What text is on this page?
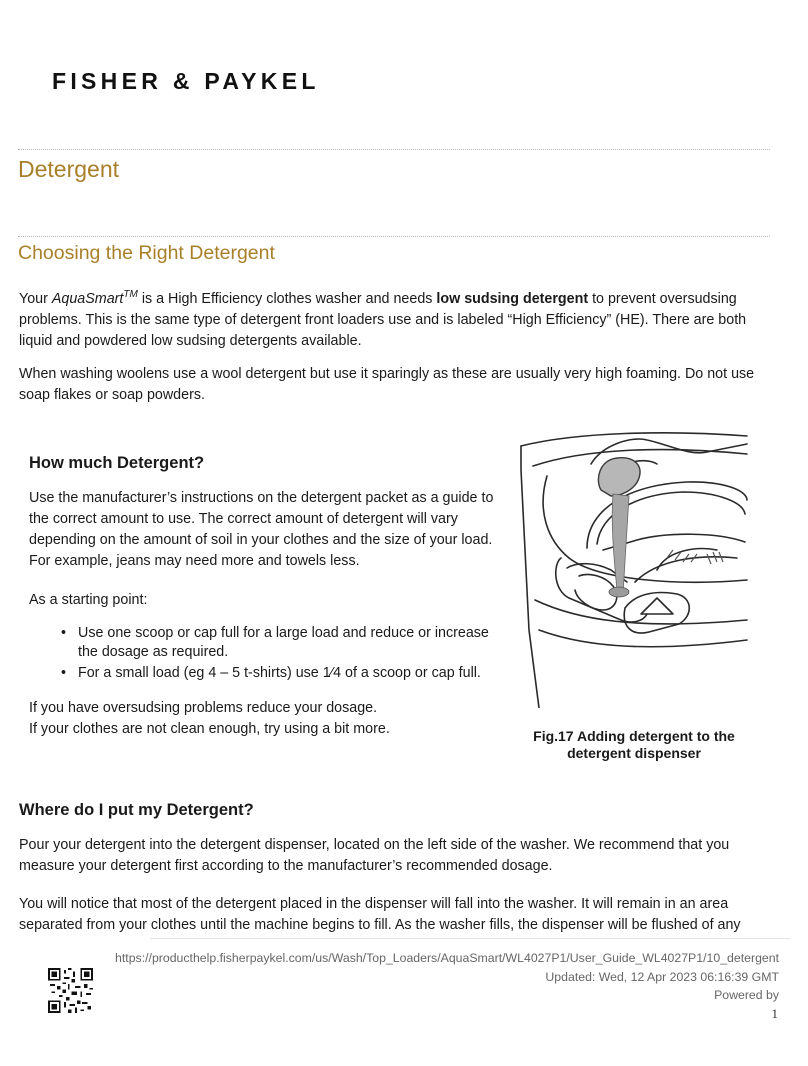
FISHER & PAYKEL
Detergent
Choosing the Right Detergent

Your AquaSmart™ is a High Efficiency clothes washer and needs low sudsing detergent to prevent oversudsing problems. This is the same type of detergent front loaders use and is labeled “High Efficiency” (HE). There are both liquid and powdered low sudsing detergents available.

When washing woolens use a wool detergent but use it sparingly as these are usually very high foaming. Do not use soap flakes or soap powders.

How much Detergent?

Use the manufacturer’s instructions on the detergent packet as a guide to the correct amount to use. The correct amount of detergent will vary depending on the amount of soil in your clothes and the size of your load. For example, jeans may need more and towels less.

As a starting point:

• Use one scoop or cap full for a large load and reduce or increase the dosage as required.
• For a small load (eg 4 – 5 t-shirts) use 1⁄4 of a scoop or cap full.

If you have oversudsing problems reduce your dosage.

If your clothes are not clean enough, try using a bit more.	Fig.17 Adding detergent to the detergent dispenser
Where do I put my Detergent?

Pour your detergent into the detergent dispenser, located on the left side of the washer. We recommend that you measure your detergent first according to the manufacturer’s recommended dosage.

You will notice that most of the detergent placed in the dispenser will fall into the washer. It will remain in an area separated from your clothes until the machine begins to fill. As the washer fills, the dispenser will be flushed of any

https://producthelp.fisherpaykel.com/us/Wash/Top_Loaders/AquaSmart/WL4027P1/User_Guide_WL4027P1/10_detergent
Updated: Wed, 12 Apr 2023 06:16:39 GMT
Powered by
1
